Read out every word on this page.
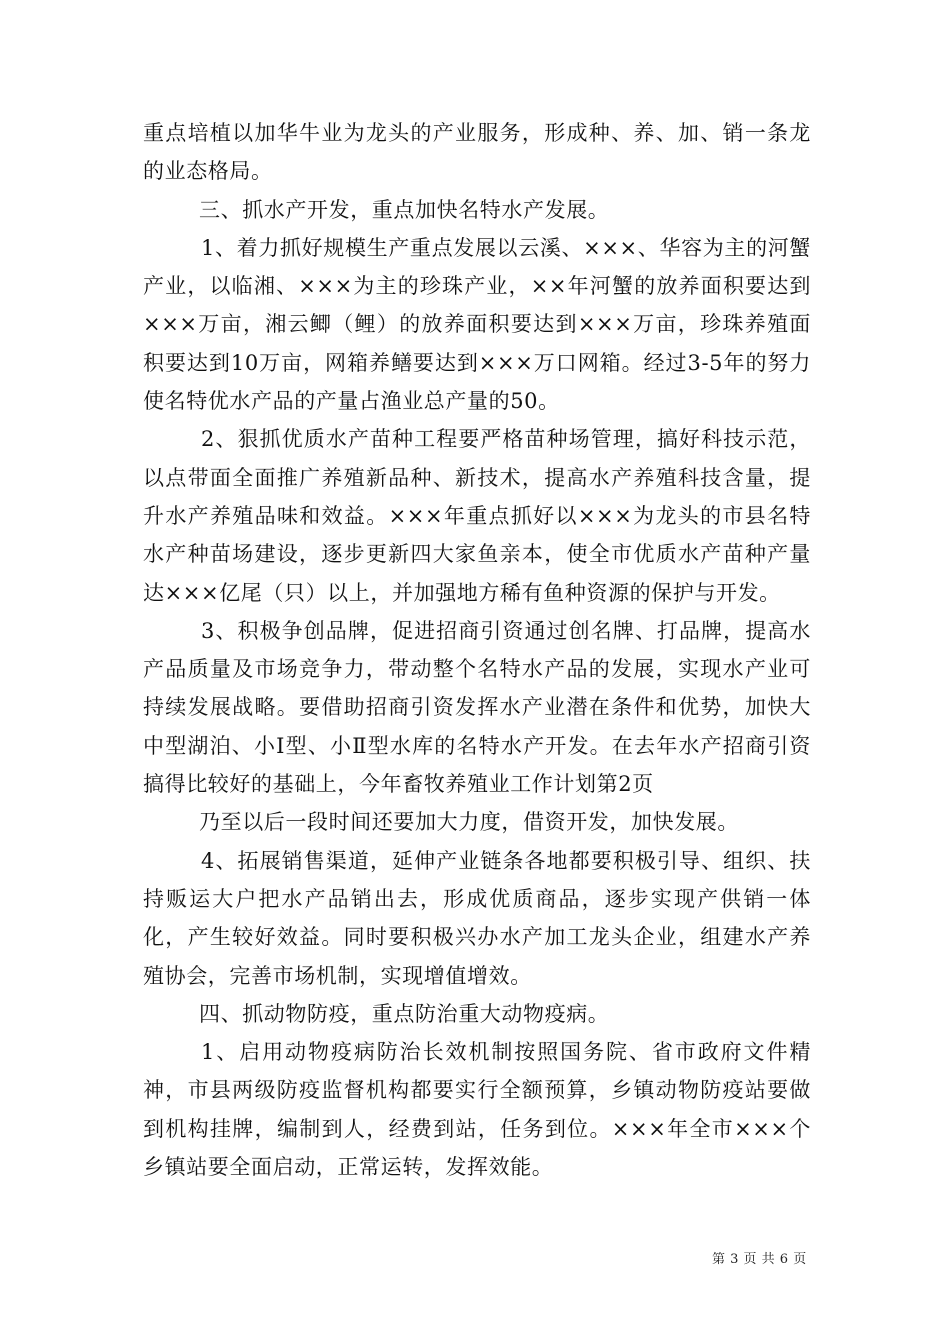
重点培植以加华牛业为龙头的产业服务，形成种、养、加、销一条龙的业态格局。

三、抓水产开发，重点加快名特水产发展。

1、着力抓好规模生产重点发展以云溪、×××、华容为主的河蟹产业，以临湘、×××为主的珍珠产业，××年河蟹的放养面积要达到×××万亩，湘云鲫（鲤）的放养面积要达到×××万亩，珍珠养殖面积要达到10万亩，网箱养鳝要达到×××万口网箱。经过3-5年的努力使名特优水产品的产量占渔业总产量的50。

2、狠抓优质水产苗种工程要严格苗种场管理，搞好科技示范，以点带面全面推广养殖新品种、新技术，提高水产养殖科技含量，提升水产养殖品味和效益。×××年重点抓好以×××为龙头的市县名特水产种苗场建设，逐步更新四大家鱼亲本，使全市优质水产苗种产量达×××亿尾（只）以上，并加强地方稀有鱼种资源的保护与开发。

3、积极争创品牌，促进招商引资通过创名牌、打品牌，提高水产品质量及市场竞争力，带动整个名特水产品的发展，实现水产业可持续发展战略。要借助招商引资发挥水产业潜在条件和优势，加快大中型湖泊、小Ⅰ型、小Ⅱ型水库的名特水产开发。在去年水产招商引资搞得比较好的基础上，今年畜牧养殖业工作计划第2页

乃至以后一段时间还要加大力度，借资开发，加快发展。

4、拓展销售渠道，延伸产业链条各地都要积极引导、组织、扶持贩运大户把水产品销出去，形成优质商品，逐步实现产供销一体化，产生较好效益。同时要积极兴办水产加工龙头企业，组建水产养殖协会，完善市场机制，实现增值增效。

四、抓动物防疫，重点防治重大动物疫病。

1、启用动物疫病防治长效机制按照国务院、省市政府文件精神，市县两级防疫监督机构都要实行全额预算，乡镇动物防疫站要做到机构挂牌，编制到人，经费到站，任务到位。×××年全市×××个乡镇站要全面启动，正常运转，发挥效能。

第 3 页 共 6 页
